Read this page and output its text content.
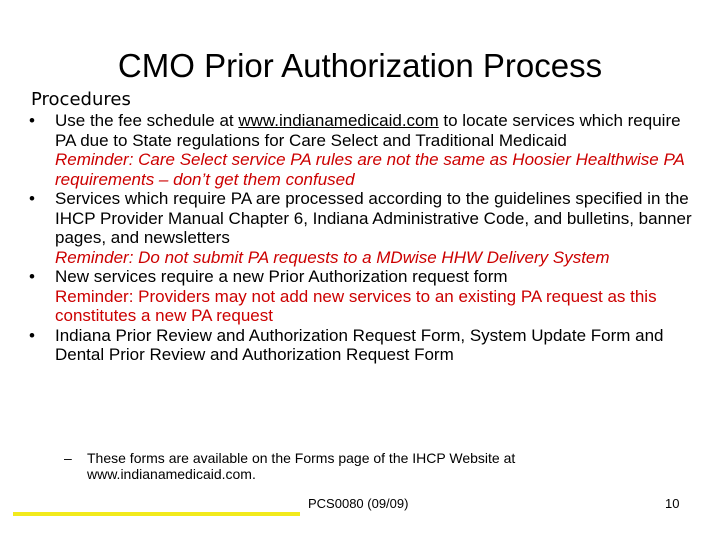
CMO Prior Authorization Process
Procedures
• Use the fee schedule at www.indianamedicaid.com to locate services which require PA due to State regulations for Care Select and Traditional Medicaid
Reminder: Care Select service PA rules are not the same as Hoosier Healthwise PA requirements – don’t get them confused
• Services which require PA are processed according to the guidelines specified in the IHCP Provider Manual Chapter 6, Indiana Administrative Code, and bulletins, banner pages, and newsletters
Reminder: Do not submit PA requests to a MDwise HHW Delivery System
• New services require a new Prior Authorization request form
Reminder: Providers may not add new services to an existing PA request as this constitutes a new PA request
• Indiana Prior Review and Authorization Request Form, System Update Form and Dental Prior Review and Authorization Request Form
– These forms are available on the Forms page of the IHCP Website at www.indianamedicaid.com.
PCS0080 (09/09)	10
